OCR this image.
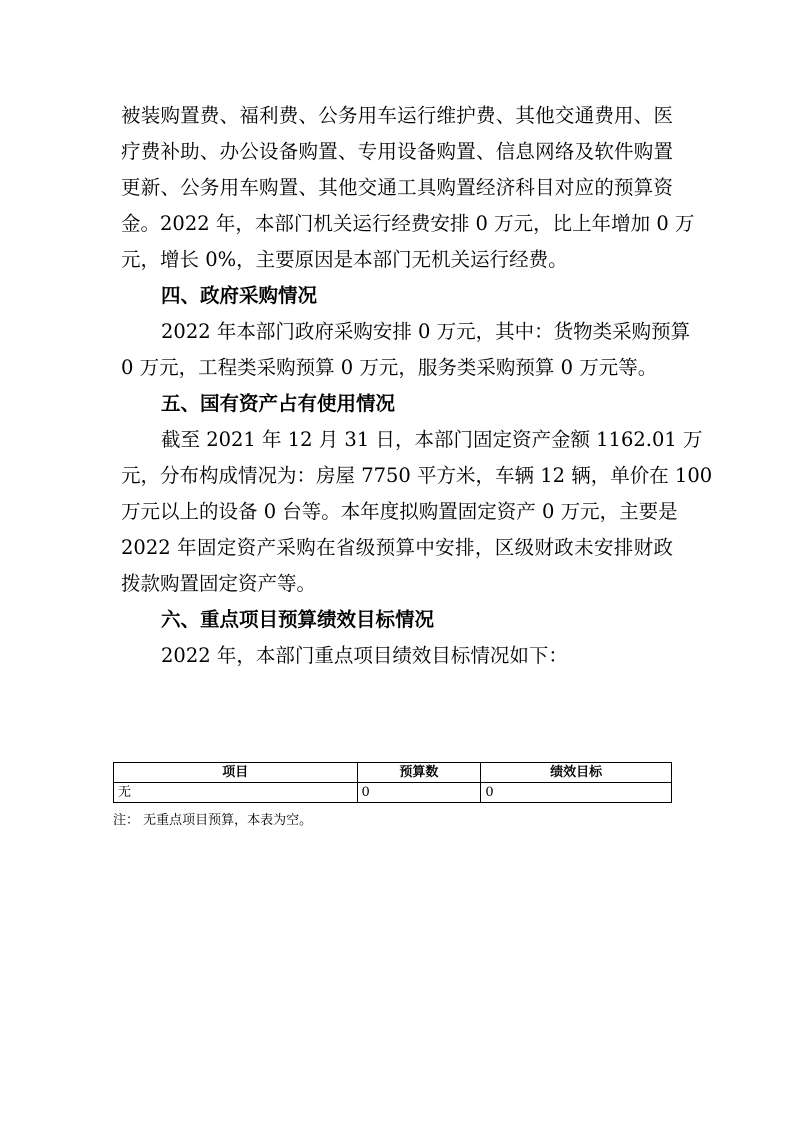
被装购置费、福利费、公务用车运行维护费、其他交通费用、医
疗费补助、办公设备购置、专用设备购置、信息网络及软件购置
更新、公务用车购置、其他交通工具购置经济科目对应的预算资
金。2022 年，本部门机关运行经费安排 0 万元，比上年增加 0 万
元，增长 0%，主要原因是本部门无机关运行经费。
四、政府采购情况
2022 年本部门政府采购安排 0 万元，其中：货物类采购预算
0 万元，工程类采购预算 0 万元，服务类采购预算 0 万元等。
五、国有资产占有使用情况
截至 2021 年 12 月 31 日，本部门固定资产金额 1162.01 万
元，分布构成情况为：房屋 7750 平方米，车辆 12 辆，单价在 100
万元以上的设备 0 台等。本年度拟购置固定资产 0 万元，主要是
2022 年固定资产采购在省级预算中安排，区级财政未安排财政
拨款购置固定资产等。
六、重点项目预算绩效目标情况
2022 年，本部门重点项目绩效目标情况如下：
项目	预算数	绩效目标
无	0	0
注： 无重点项目预算，本表为空。
